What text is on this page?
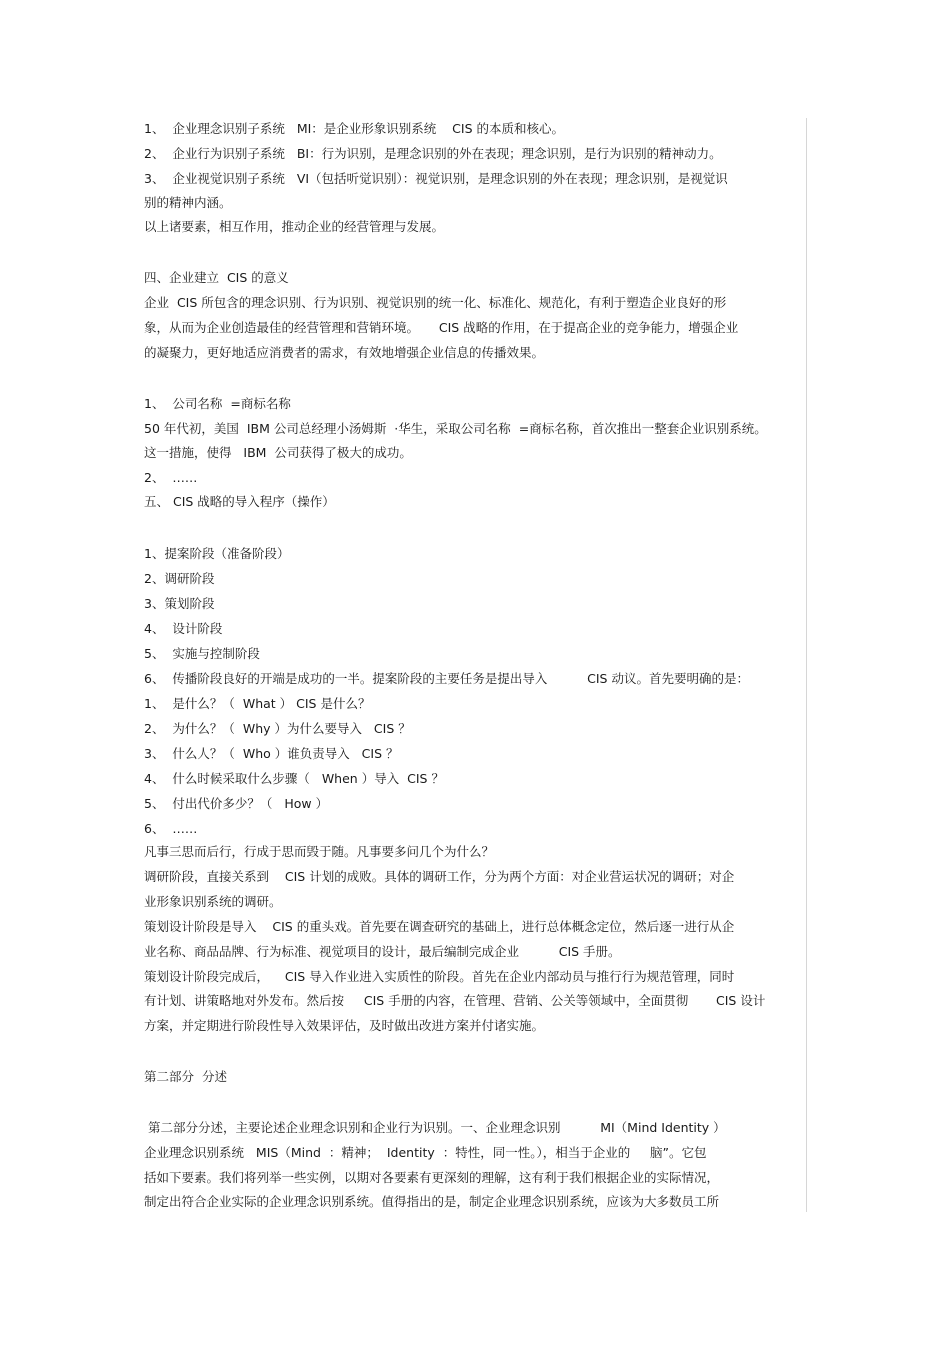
1、  企业理念识别子系统   MI：是企业形象识别系统    CIS 的本质和核心。
2、  企业行为识别子系统   BI：行为识别，是理念识别的外在表现；理念识别，是行为识别的精神动力。
3、  企业视觉识别子系统   VI（包括听觉识别）：视觉识别，是理念识别的外在表现；理念识别，是视觉识
别的精神内涵。
以上诸要素，相互作用，推动企业的经营管理与发展。
四、企业建立  CIS 的意义
企业  CIS 所包含的理念识别、行为识别、视觉识别的统一化、标准化、规范化，有利于塑造企业良好的形
象，从而为企业创造最佳的经营管理和营销环境。     CIS 战略的作用，在于提高企业的竞争能力，增强企业
的凝聚力，更好地适应消费者的需求，有效地增强企业信息的传播效果。
1、  公司名称  =商标名称
50 年代初，美国  IBM 公司总经理小汤姆斯  ·华生，采取公司名称  =商标名称，首次推出一整套企业识别系统。
这一措施，使得   IBM  公司获得了极大的成功。
2、  ……
五、 CIS 战略的导入程序（操作）
1、提案阶段（准备阶段）
2、调研阶段
3、策划阶段
4、  设计阶段
5、  实施与控制阶段
6、  传播阶段良好的开端是成功的一半。提案阶段的主要任务是提出导入          CIS 动议。首先要明确的是：
1、  是什么？（  What ） CIS 是什么？
2、  为什么？（  Why ）为什么要导入   CIS ？
3、  什么人？（  Who ）谁负责导入   CIS ？
4、  什么时候采取什么步骤（   When ）导入  CIS ？
5、  付出代价多少？（   How ）
6、  ……
凡事三思而后行，行成于思而毁于随。凡事要多问几个为什么？
调研阶段，直接关系到    CIS 计划的成败。具体的调研工作，分为两个方面：对企业营运状况的调研；对企
业形象识别系统的调研。
策划设计阶段是导入    CIS 的重头戏。首先要在调查研究的基础上，进行总体概念定位，然后逐一进行从企
业名称、商品品牌、行为标准、视觉项目的设计，最后编制完成企业          CIS 手册。
策划设计阶段完成后，    CIS 导入作业进入实质性的阶段。首先在企业内部动员与推行行为规范管理，同时
有计划、讲策略地对外发布。然后按     CIS 手册的内容，在管理、营销、公关等领域中，全面贯彻       CIS 设计
方案，并定期进行阶段性导入效果评估，及时做出改进方案并付诸实施。
第二部分  分述
第二部分分述，主要论述企业理念识别和企业行为识别。一、企业理念识别          MI（Mind Identity ）
企业理念识别系统   MIS（Mind  ：精神；  Identity  ：特性，同一性。），相当于企业的     脑”。它包
括如下要素。我们将列举一些实例，以期对各要素有更深刻的理解，这有利于我们根据企业的实际情况，
制定出符合企业实际的企业理念识别系统。值得指出的是，制定企业理念识别系统，应该为大多数员工所
